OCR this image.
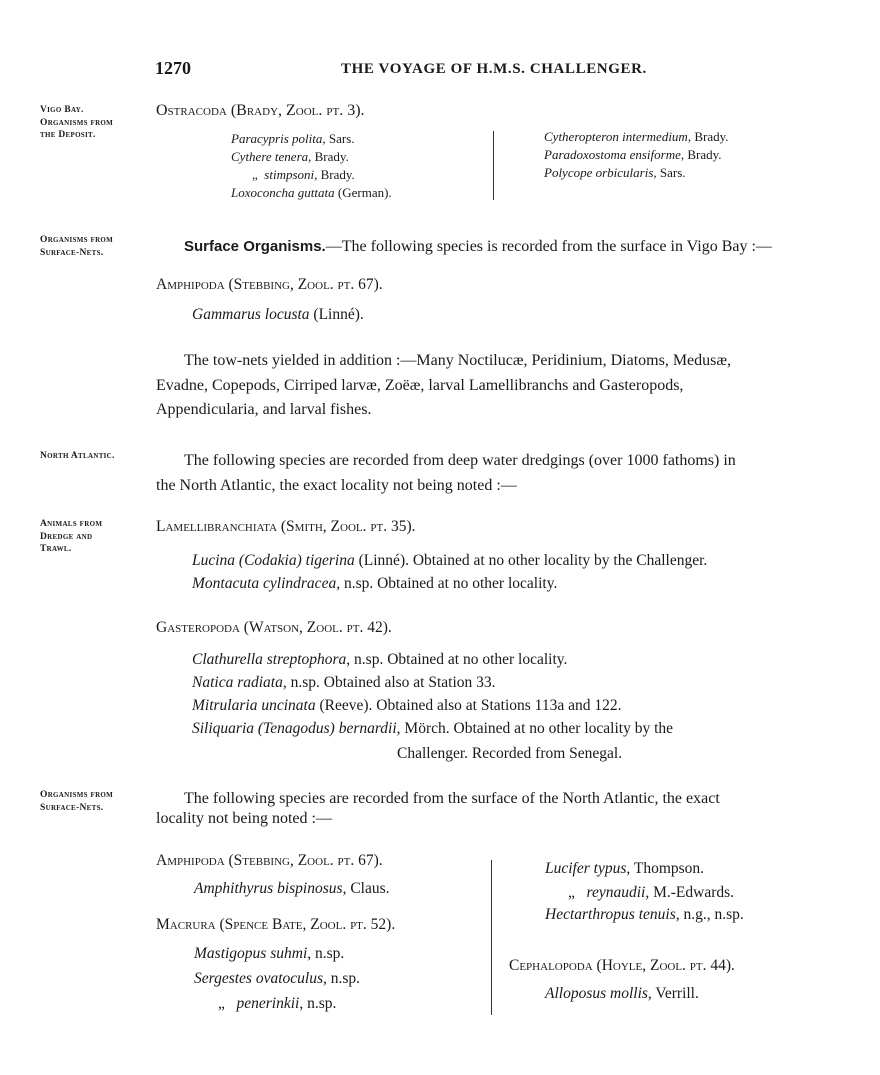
1270	THE VOYAGE OF H.M.S. CHALLENGER.
Vigo Bay.
Organisms from
the Deposit.
Organisms from
Surface-Nets.
North Atlantic.
Animals from
Dredge and
Trawl.
Organisms from
Surface-Nets.
Ostracoda (Brady, Zool. pt. 3).
Paracypris polita, Sars.
Cythere tenera, Brady.
„ stimpsoni, Brady.
Loxoconcha guttata (German).
Cytheropteron intermedium, Brady.
Paradoxostoma ensiforme, Brady.
Polycope orbicularis, Sars.
Surface Organisms.—The following species is recorded from the surface in Vigo Bay :—
Amphipoda (Stebbing, Zool. pt. 67).
Gammarus locusta (Linné).
The tow-nets yielded in addition :—Many Noctilucæ, Peridinium, Diatoms, Medusæ,
Evadne, Copepods, Cirriped larvæ, Zoëæ, larval Lamellibranchs and Gasteropods,
Appendicularia, and larval fishes.
The following species are recorded from deep water dredgings (over 1000 fathoms) in
the North Atlantic, the exact locality not being noted :—
Lamellibranchiata (Smith, Zool. pt. 35).
Lucina (Codakia) tigerina (Linné). Obtained at no other locality by the Challenger.
Montacuta cylindracea, n.sp. Obtained at no other locality.
Gasteropoda (Watson, Zool. pt. 42).
Clathurella streptophora, n.sp. Obtained at no other locality.
Natica radiata, n.sp. Obtained also at Station 33.
Mitrularia uncinata (Reeve). Obtained also at Stations 113a and 122.
Siliquaria (Tenagodus) bernardii, Mörch. Obtained at no other locality by the
Challenger. Recorded from Senegal.
The following species are recorded from the surface of the North Atlantic, the exact
locality not being noted :—
Amphipoda (Stebbing, Zool. pt. 67).
Amphithyrus bispinosus, Claus.
Macrura (Spence Bate, Zool. pt. 52).
Mastigopus suhmi, n.sp.
Sergestes ovatoculus, n.sp.
„ penerinkii, n.sp.
Lucifer typus, Thompson.
„ reynaudii, M.-Edwards.
Hectarthropus tenuis, n.g., n.sp.
Cephalopoda (Hoyle, Zool. pt. 44).
Alloposus mollis, Verrill.
